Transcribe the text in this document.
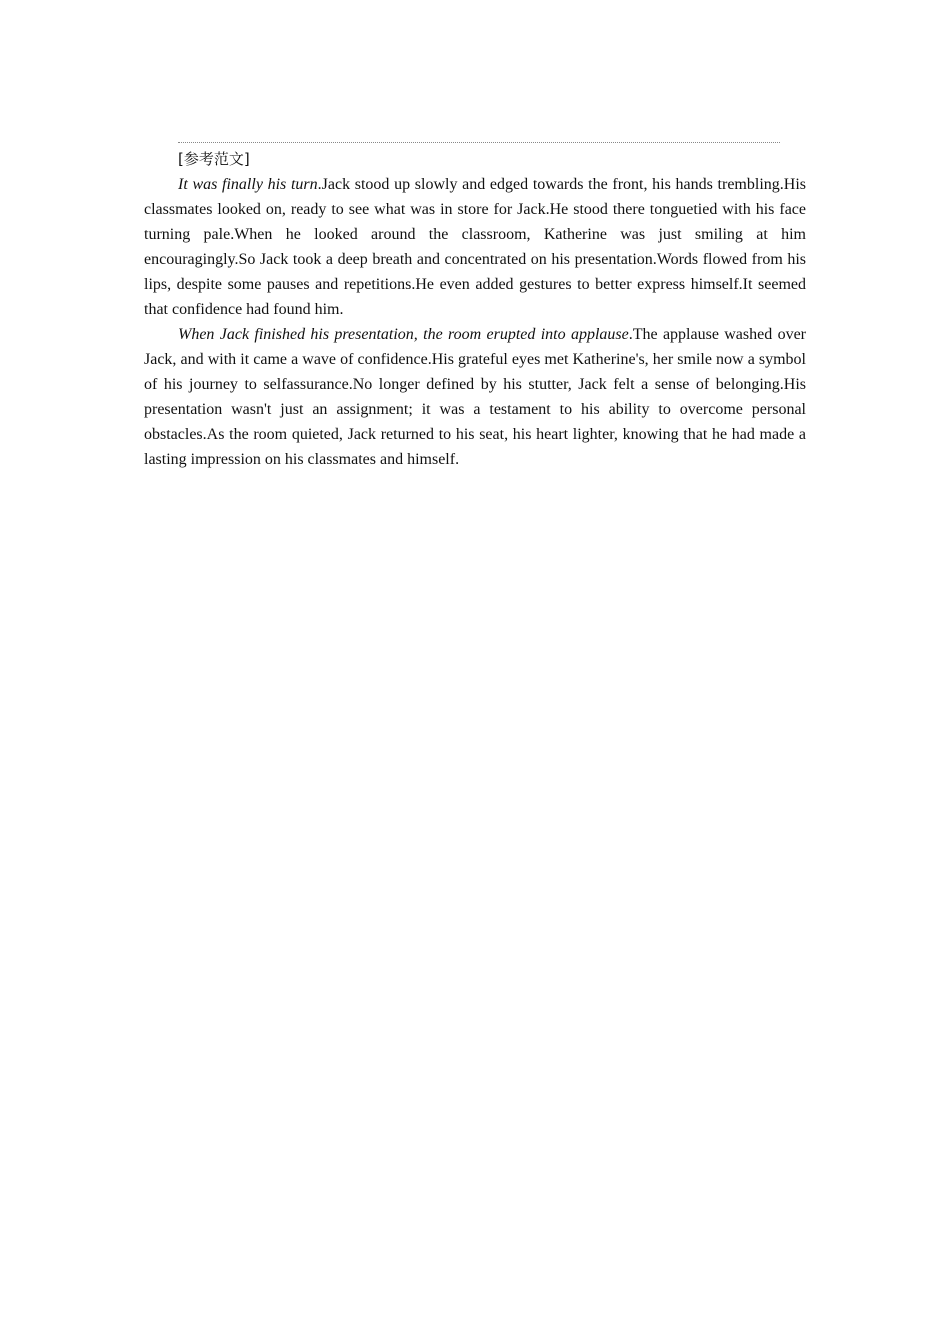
[参考范文]

It was finally his turn.Jack stood up slowly and edged towards the front, his hands trembling.His classmates looked on, ready to see what was in store for Jack.He stood there tonguetied with his face turning pale.When he looked around the classroom, Katherine was just smiling at him encouragingly.So Jack took a deep breath and concentrated on his presentation.Words flowed from his lips, despite some pauses and repetitions.He even added gestures to better express himself.It seemed that confidence had found him.

When Jack finished his presentation, the room erupted into applause.The applause washed over Jack, and with it came a wave of confidence.His grateful eyes met Katherine's, her smile now a symbol of his journey to selfassurance.No longer defined by his stutter, Jack felt a sense of belonging.His presentation wasn't just an assignment; it was a testament to his ability to overcome personal obstacles.As the room quieted, Jack returned to his seat, his heart lighter, knowing that he had made a lasting impression on his classmates and himself.
